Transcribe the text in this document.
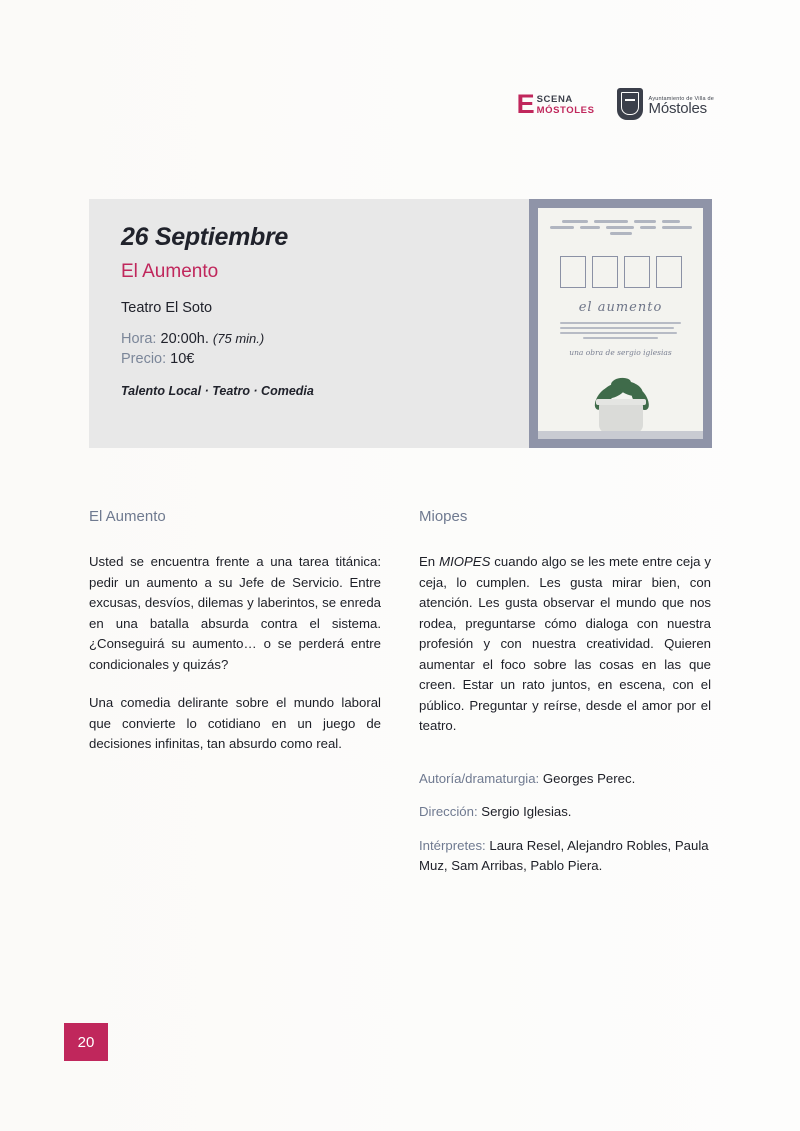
E SCENA
MÓSTOLES
Ayuntamiento de Villa de
Móstoles
26 Septiembre
El Aumento
Teatro El Soto
Hora: 20:00h. (75 min.)
Precio: 10€
Talento Local · Teatro · Comedia
el aumento
una obra de sergio iglesias
El Aumento

Usted se encuentra frente a una tarea titánica: pedir un aumento a su Jefe de Servicio. Entre excusas, desvíos, dilemas y laberintos, se enreda en una batalla absurda contra el sistema. ¿Conseguirá su aumento… o se perderá entre condicionales y quizás?

Una comedia delirante sobre el mundo laboral que convierte lo cotidiano en un juego de decisiones infinitas, tan absurdo como real.

Miopes

En MIOPES cuando algo se les mete entre ceja y ceja, lo cumplen. Les gusta mirar bien, con atención. Les gusta observar el mundo que nos rodea, preguntarse cómo dialoga con nuestra profesión y con nuestra creatividad. Quieren aumentar el foco sobre las cosas en las que creen. Estar un rato juntos, en escena, con el público. Preguntar y reírse, desde el amor por el teatro.

Autoría/dramaturgia: Georges Perec.

Dirección: Sergio Iglesias.

Intérpretes: Laura Resel, Alejandro Robles, Paula Muz, Sam Arribas, Pablo Piera.

20
